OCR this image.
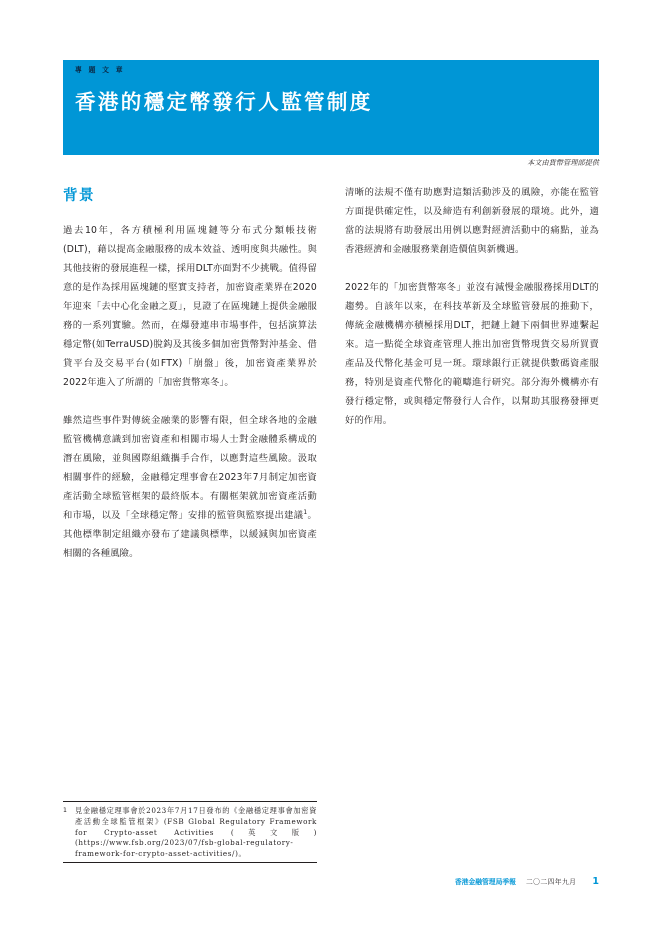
專 題 文 章
香港的穩定幣發行人監管制度
本文由貨幣管理部提供
背景

過去10年，各方積極利用區塊鏈等分布式分類帳技術(DLT)，藉以提高金融服務的成本效益、透明度與共融性。與其他技術的發展進程一樣，採用DLT亦面對不少挑戰。值得留意的是作為採用區塊鏈的堅實支持者，加密資產業界在2020年迎來「去中心化金融之夏」，見證了在區塊鏈上提供金融服務的一系列實驗。然而，在爆發連串市場事件，包括演算法穩定幣(如TerraUSD)脫鈎及其後多個加密貨幣對沖基金、借貸平台及交易平台(如FTX)「崩盤」後，加密資產業界於2022年進入了所謂的「加密貨幣寒冬」。

雖然這些事件對傳統金融業的影響有限，但全球各地的金融監管機構意識到加密資產和相關市場人士對金融體系構成的潛在風險，並與國際組織攜手合作，以應對這些風險。汲取相關事件的經驗，金融穩定理事會在2023年7月制定加密資產活動全球監管框架的最終版本。有關框架就加密資產活動和市場，以及「全球穩定幣」安排的監管與監察提出建議$^1$。其他標準制定組織亦發布了建議與標準，以緩減與加密資產相關的各種風險。

清晰的法規不僅有助應對這類活動涉及的風險，亦能在監管方面提供確定性，以及締造有利創新發展的環境。此外，適當的法規將有助發展出用例以應對經濟活動中的痛點，並為香港經濟和金融服務業創造價值與新機遇。

2022年的「加密貨幣寒冬」並沒有減慢金融服務採用DLT的趨勢。自該年以來，在科技革新及全球監管發展的推動下，傳統金融機構亦積極採用DLT，把鏈上鏈下兩個世界連繫起來。這一點從全球資產管理人推出加密貨幣現貨交易所買賣產品及代幣化基金可見一斑。環球銀行正就提供數碼資產服務，特別是資產代幣化的範疇進行研究。部分海外機構亦有發行穩定幣，或與穩定幣發行人合作，以幫助其服務發揮更好的作用。

1	見金融穩定理事會於2023年7月17日發布的《金融穩定理事會加密資產活動全球監管框架》(FSB Global Regulatory Framework for Crypto-asset Activities (英文版) (https://www.fsb.org/2023/07/fsb-global-regulatory-framework-for-crypto-asset-activities/)。
香港金融管理局季報 二〇二四年九月 1
